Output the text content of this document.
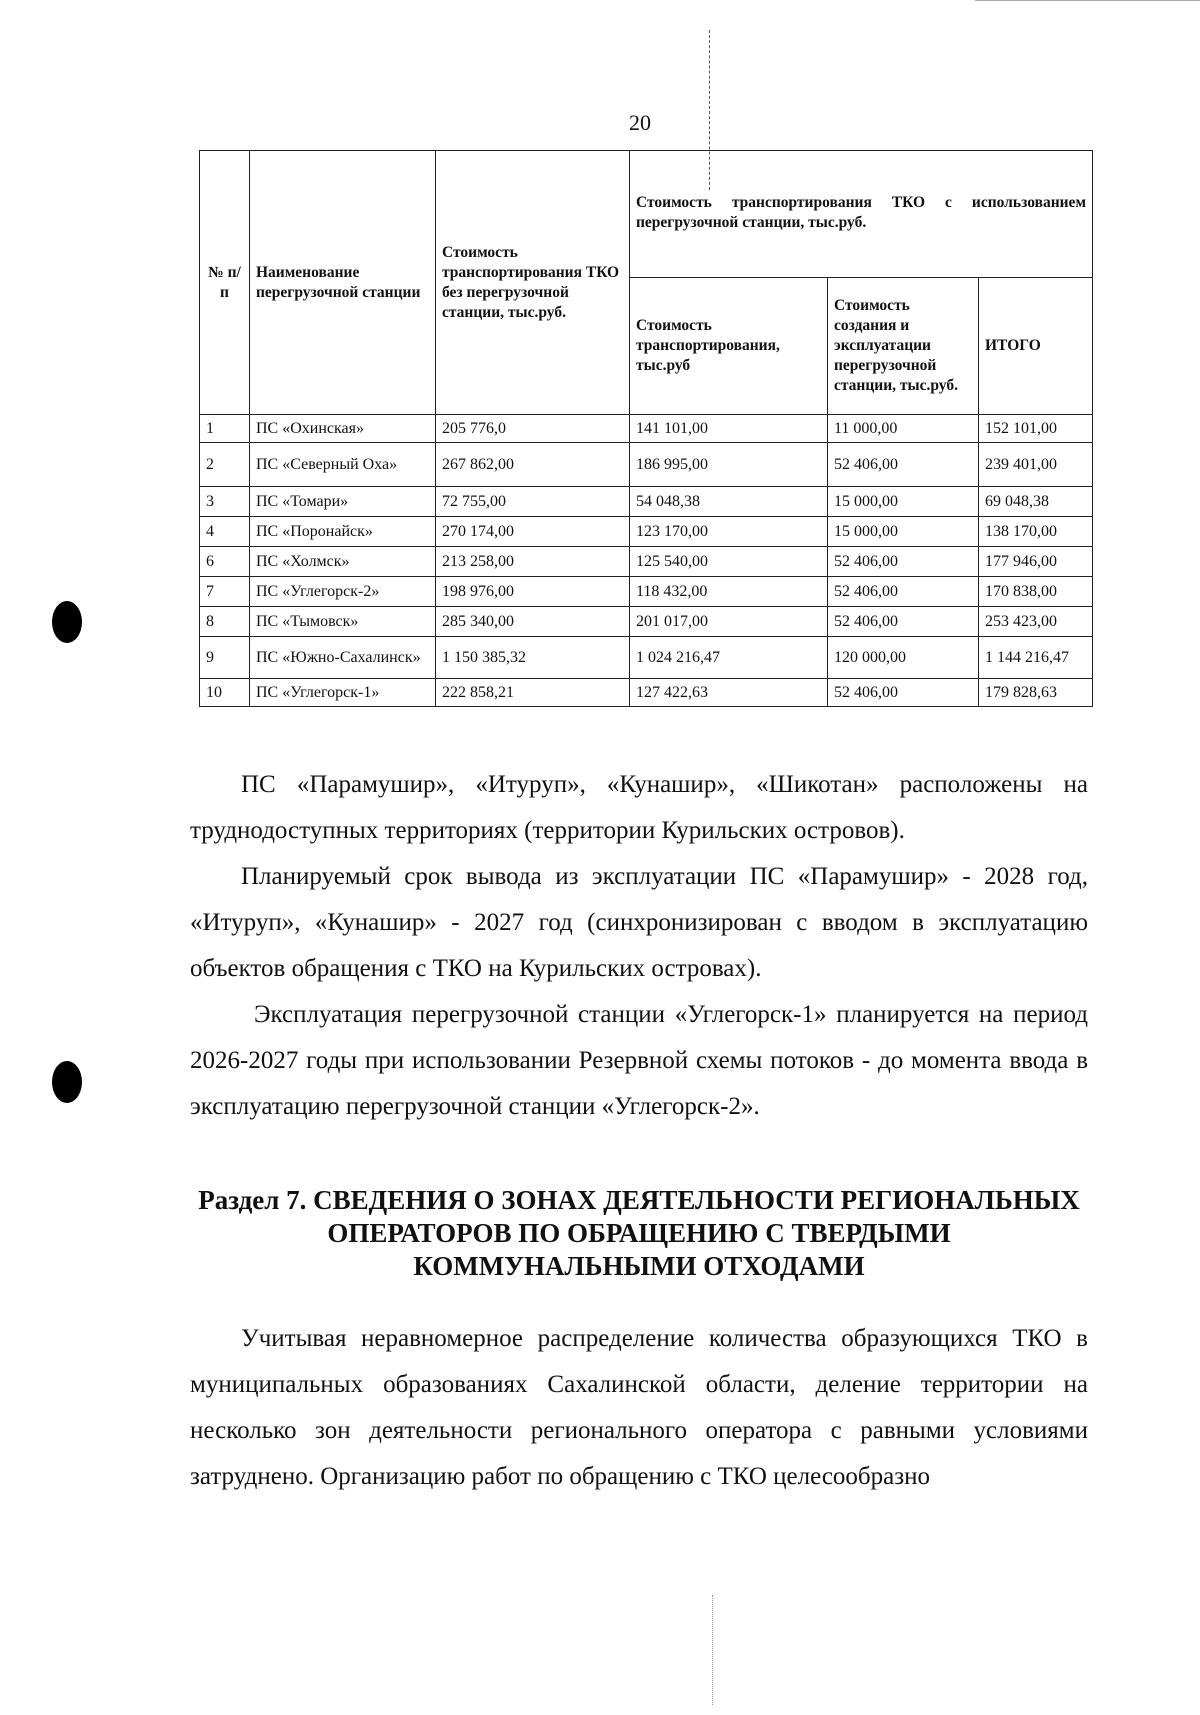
20
№ п/п	Наименование перегрузочной станции	Стоимость транспортирования ТКО без перегрузочной станции, тыс.руб.	Стоимость транспортирования ТКО с использованием перегрузочной станции, тыс.руб.		
			Стоимость транспортирования, тыс.руб	Стоимость создания и эксплуатации перегрузочной станции, тыс.руб.	ИТОГО
1	ПС «Охинская»	205 776,0	141 101,00	11 000,00	152 101,00
2	ПС «Северный Оха»	267 862,00	186 995,00	52 406,00	239 401,00
3	ПС «Томари»	72 755,00	54 048,38	15 000,00	69 048,38
4	ПС «Поронайск»	270 174,00	123 170,00	15 000,00	138 170,00
6	ПС «Холмск»	213 258,00	125 540,00	52 406,00	177 946,00
7	ПС «Углегорск-2»	198 976,00	118 432,00	52 406,00	170 838,00
8	ПС «Тымовск»	285 340,00	201 017,00	52 406,00	253 423,00
9	ПС «Южно-Сахалинск»	1 150 385,32	1 024 216,47	120 000,00	1 144 216,47
10	ПС «Углегорск-1»	222 858,21	127 422,63	52 406,00	179 828,63

ПС «Парамушир», «Итуруп», «Кунашир», «Шикотан» расположены на труднодоступных территориях (территории Курильских островов).

Планируемый срок вывода из эксплуатации ПС «Парамушир» - 2028 год, «Итуруп», «Кунашир» - 2027 год (синхронизирован с вводом в эксплуатацию объектов обращения с ТКО на Курильских островах).

Эксплуатация перегрузочной станции «Углегорск-1» планируется на период 2026-2027 годы при использовании Резервной схемы потоков - до момента ввода в эксплуатацию перегрузочной станции «Углегорск-2».

Раздел 7. СВЕДЕНИЯ О ЗОНАХ ДЕЯТЕЛЬНОСТИ РЕГИОНАЛЬНЫХ ОПЕРАТОРОВ ПО ОБРАЩЕНИЮ С ТВЕРДЫМИ КОММУНАЛЬНЫМИ ОТХОДАМИ

Учитывая неравномерное распределение количества образующихся ТКО в муниципальных образованиях Сахалинской области, деление территории на несколько зон деятельности регионального оператора с равными условиями затруднено. Организацию работ по обращению с ТКО целесообразно
